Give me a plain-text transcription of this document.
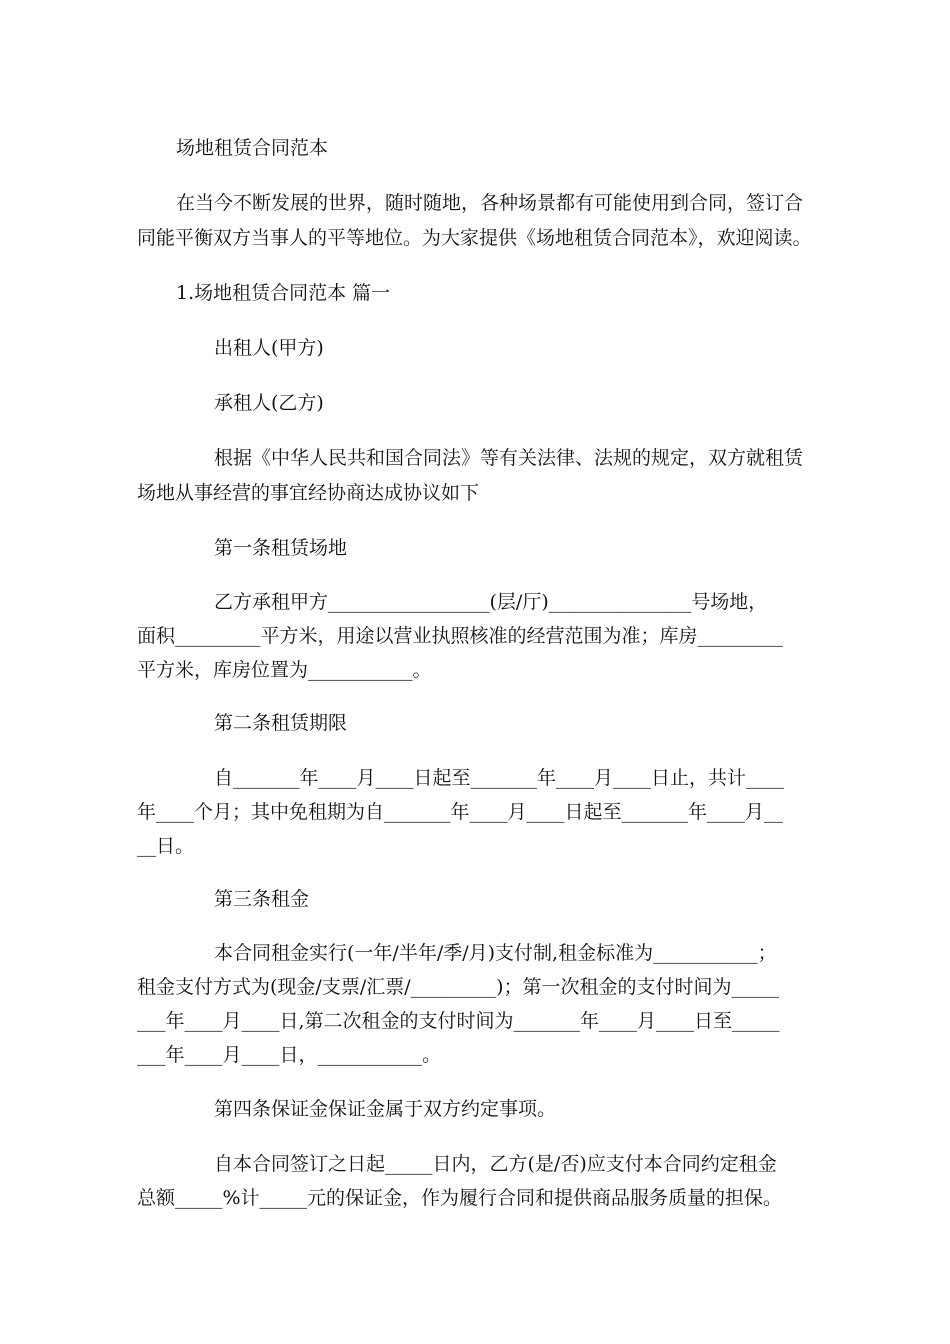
场地租赁合同范本
在当今不断发展的世界，随时随地，各种场景都有可能使用到合同，签订合
同能平衡双方当事人的平等地位。为大家提供《场地租赁合同范本》，欢迎阅读。
1.场地租赁合同范本 篇一
出租人(甲方)
承租人(乙方)
根据《中华人民共和国合同法》等有关法律、法规的规定，双方就租赁
场地从事经营的事宜经协商达成协议如下
第一条租赁场地
乙方承租甲方_________________(层/厅)_______________号场地，
面积_________平方米，用途以营业执照核准的经营范围为准；库房_________
平方米，库房位置为___________。
第二条租赁期限
自_______年____月____日起至_______年____月____日止，共计____
年____个月；其中免租期为自_______年____月____日起至_______年____月__
__日。
第三条租金
本合同租金实行(一年/半年/季/月)支付制,租金标准为___________；
租金支付方式为(现金/支票/汇票/_________)；第一次租金的支付时间为_____
___年____月____日,第二次租金的支付时间为_______年____月____日至_____
___年____月____日，___________。
第四条保证金保证金属于双方约定事项。
自本合同签订之日起_____日内，乙方(是/否)应支付本合同约定租金
总额_____%计_____元的保证金，作为履行合同和提供商品服务质量的担保。
